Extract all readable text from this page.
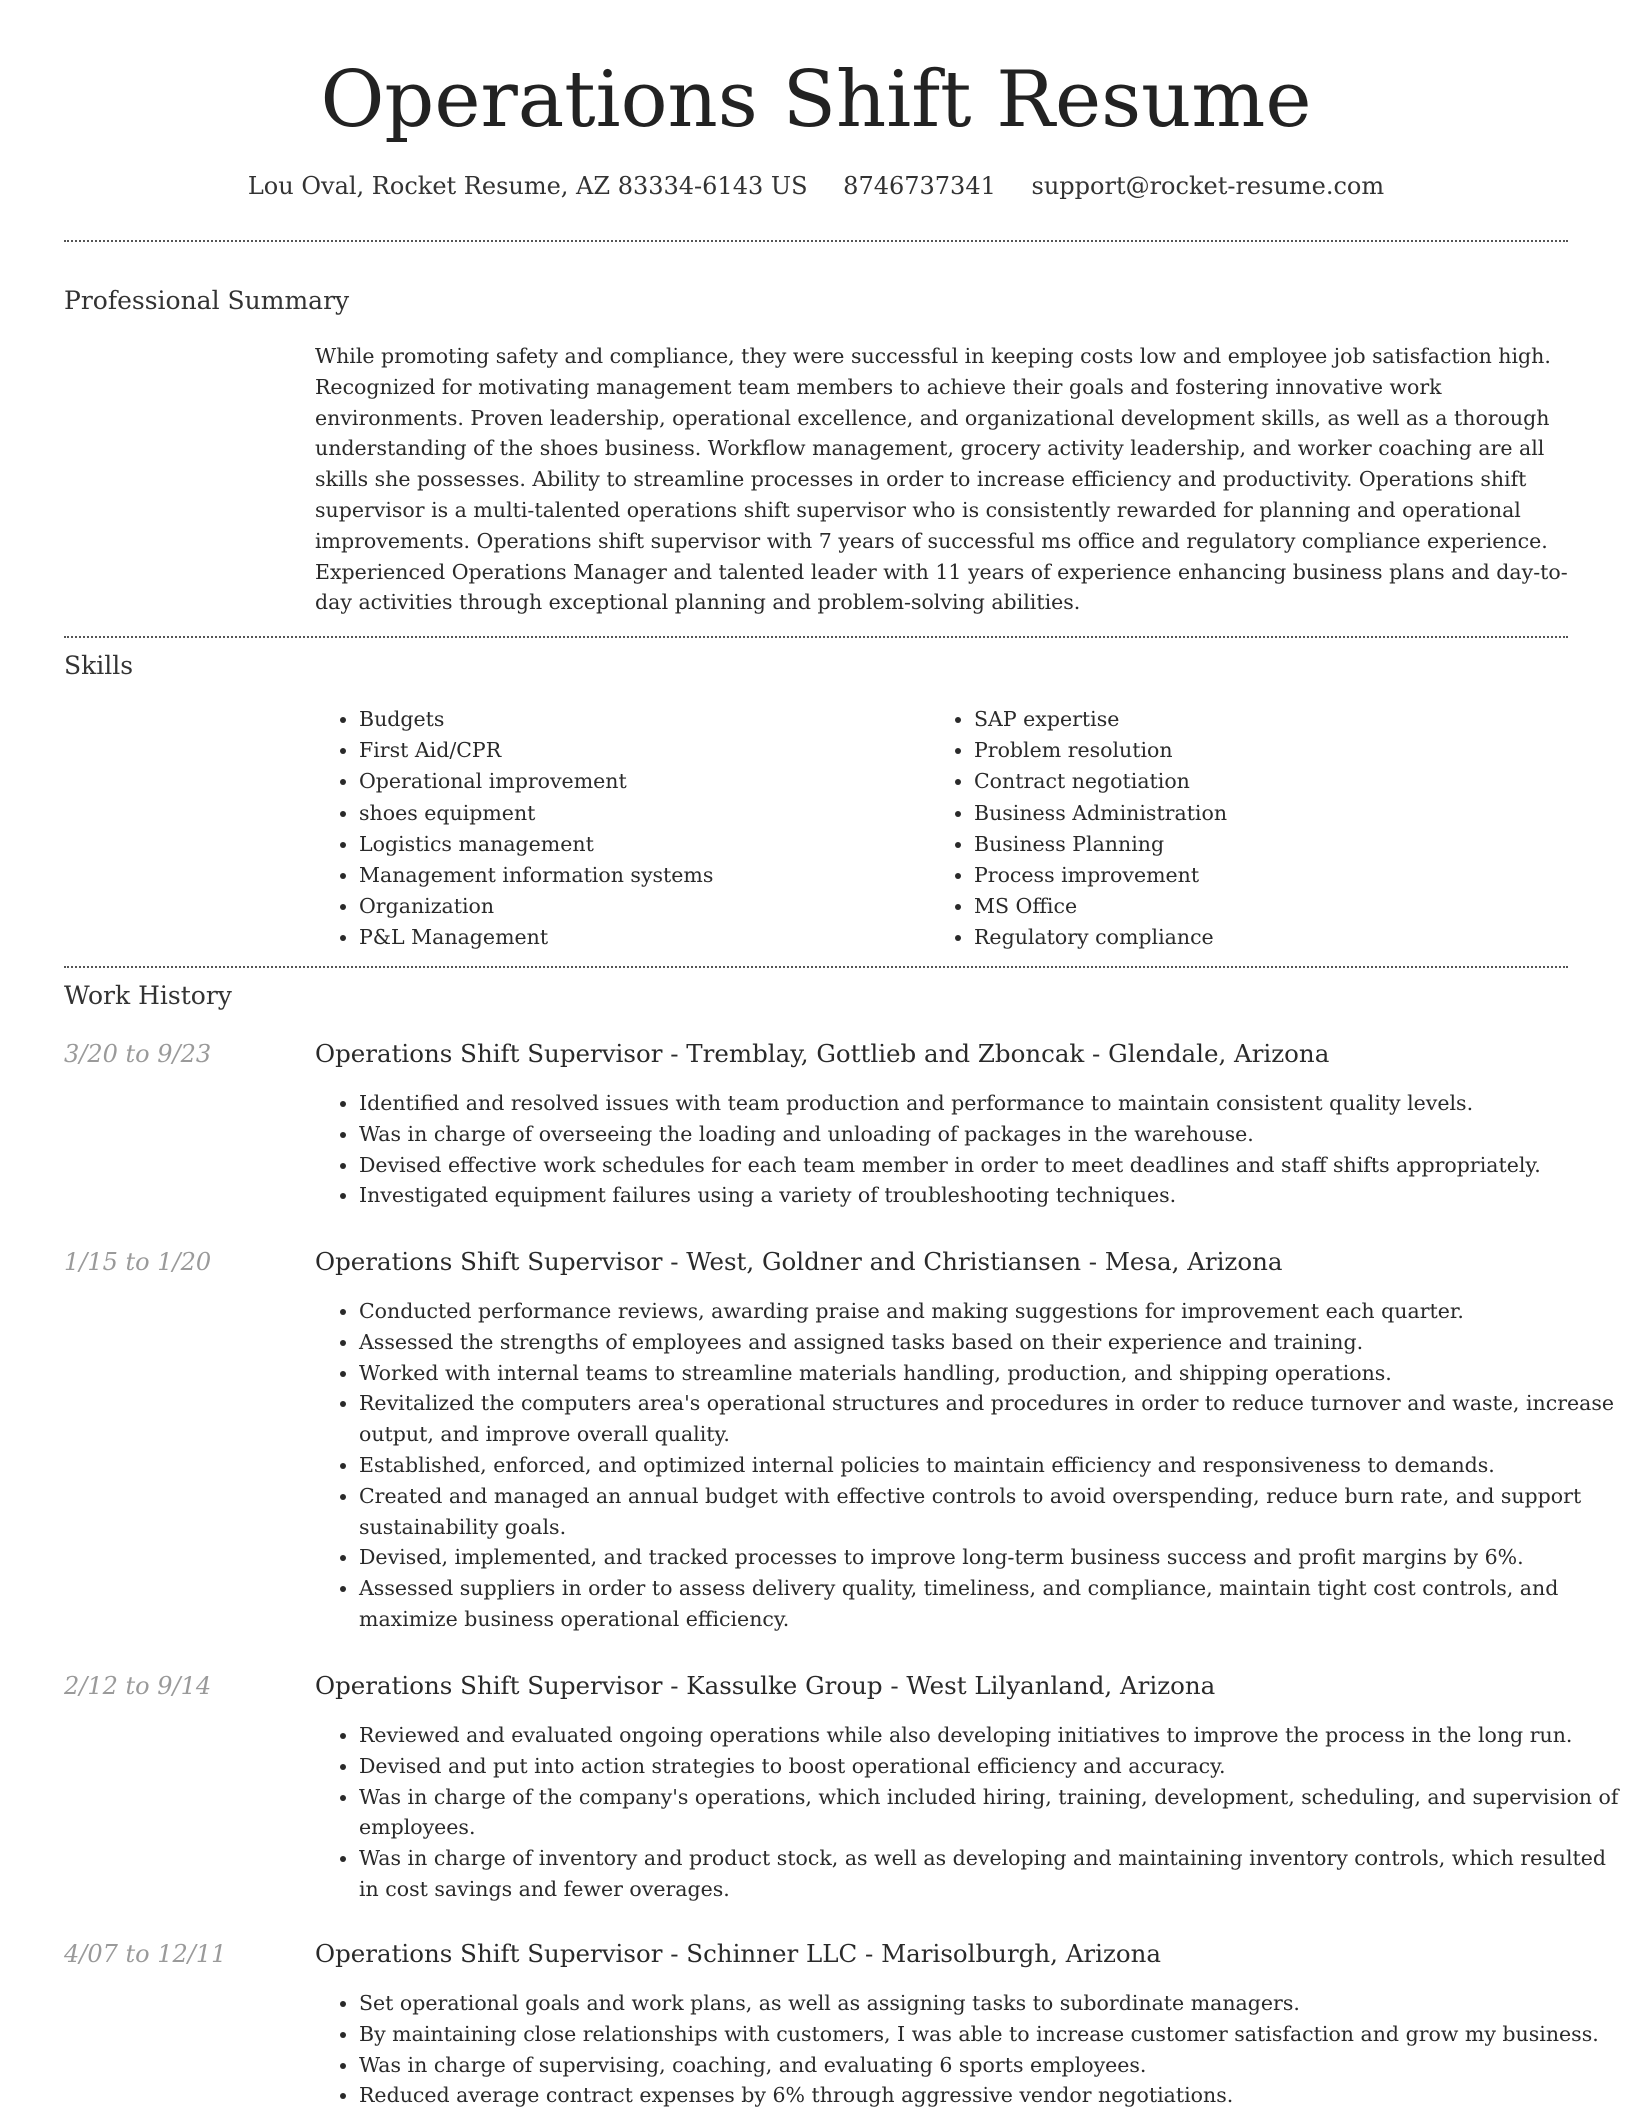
Operations Shift Resume
Lou Oval, Rocket Resume, AZ 83334-6143 US 8746737341 support@rocket-resume.com
Professional Summary

While promoting safety and compliance, they were successful in keeping costs low and employee job satisfaction high. Recognized for motivating management team members to achieve their goals and fostering innovative work environments. Proven leadership, operational excellence, and organizational development skills, as well as a thorough understanding of the shoes business. Workflow management, grocery activity leadership, and worker coaching are all skills she possesses. Ability to streamline processes in order to increase efficiency and productivity. Operations shift supervisor is a multi-talented operations shift supervisor who is consistently rewarded for planning and operational improvements. Operations shift supervisor with 7 years of successful ms office and regulatory compliance experience. Experienced Operations Manager and talented leader with 11 years of experience enhancing business plans and day-to-day activities through exceptional planning and problem-solving abilities.

Skills
• Budgets
• First Aid/CPR
• Operational improvement
• shoes equipment
• Logistics management
• Management information systems
• Organization
• P&L Management
• SAP expertise
• Problem resolution
• Contract negotiation
• Business Administration
• Business Planning
• Process improvement
• MS Office
• Regulatory compliance
Work History
3/20 to 9/23	Operations Shift Supervisor - Tremblay, Gottlieb and Zboncak - Glendale, Arizona
• Identified and resolved issues with team production and performance to maintain consistent quality levels.
• Was in charge of overseeing the loading and unloading of packages in the warehouse.
• Devised effective work schedules for each team member in order to meet deadlines and staff shifts appropriately.
• Investigated equipment failures using a variety of troubleshooting techniques.
1/15 to 1/20	Operations Shift Supervisor - West, Goldner and Christiansen - Mesa, Arizona
• Conducted performance reviews, awarding praise and making suggestions for improvement each quarter.
• Assessed the strengths of employees and assigned tasks based on their experience and training.
• Worked with internal teams to streamline materials handling, production, and shipping operations.
• Revitalized the computers area's operational structures and procedures in order to reduce turnover and waste, increase output, and improve overall quality.
• Established, enforced, and optimized internal policies to maintain efficiency and responsiveness to demands.
• Created and managed an annual budget with effective controls to avoid overspending, reduce burn rate, and support sustainability goals.
• Devised, implemented, and tracked processes to improve long-term business success and profit margins by 6%.
• Assessed suppliers in order to assess delivery quality, timeliness, and compliance, maintain tight cost controls, and maximize business operational efficiency.
2/12 to 9/14	Operations Shift Supervisor - Kassulke Group - West Lilyanland, Arizona
• Reviewed and evaluated ongoing operations while also developing initiatives to improve the process in the long run.
• Devised and put into action strategies to boost operational efficiency and accuracy.
• Was in charge of the company's operations, which included hiring, training, development, scheduling, and supervision of employees.
• Was in charge of inventory and product stock, as well as developing and maintaining inventory controls, which resulted in cost savings and fewer overages.
4/07 to 12/11	Operations Shift Supervisor - Schinner LLC - Marisolburgh, Arizona
• Set operational goals and work plans, as well as assigning tasks to subordinate managers.
• By maintaining close relationships with customers, I was able to increase customer satisfaction and grow my business.
• Was in charge of supervising, coaching, and evaluating 6 sports employees.
• Reduced average contract expenses by 6% through aggressive vendor negotiations.
